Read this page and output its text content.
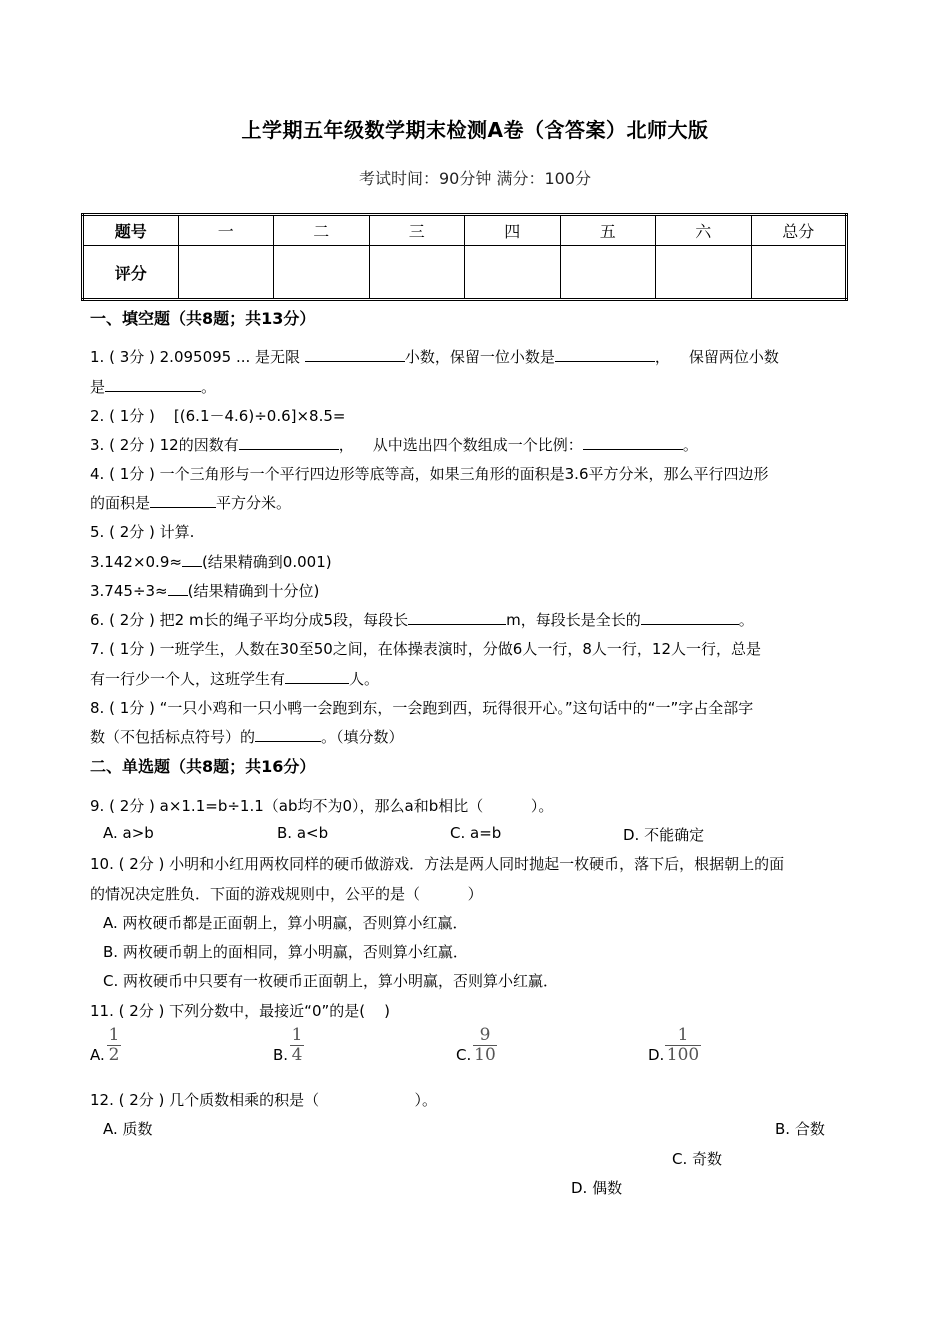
上学期五年级数学期末检测A卷（含答案）北师大版
考试时间：90分钟 满分：100分
题号	一	二	三	四	五	六	总分
评分							
一、填空题（共8题；共13分）
1. ( 3分 ) 2.095095 ... 是无限	小数，保留一位小数是	，    保留两位小数
是	。
2. ( 1分 )    [(6.1－4.6)÷0.6]×8.5=
3. ( 2分 ) 12的因数有	，    从中选出四个数组成一个比例：	。
4. ( 1分 ) 一个三角形与一个平行四边形等底等高，如果三角形的面积是3.6平方分米，那么平行四边形
的面积是	平方分米。
5. ( 2分 ) 计算.
3.142×0.9≈ (结果精确到0.001)
3.745÷3≈ (结果精确到十分位)
6. ( 2分 ) 把2 m长的绳子平均分成5段，每段长	m，每段长是全长的	。
7. ( 1分 ) 一班学生，人数在30至50之间，在体操表演时，分做6人一行，8人一行，12人一行，总是
有一行少一个人，这班学生有	人。
8. ( 1分 ) “一只小鸡和一只小鸭一会跑到东，一会跑到西，玩得很开心。”这句话中的“一”字占全部字
数（不包括标点符号）的	。（填分数）
二、单选题（共8题；共16分）
9. ( 2分 ) a×1.1=b÷1.1（ab均不为0），那么a和b相比（          ）。
A. a>b	B. a<b	C. a=b	D. 不能确定
10. ( 2分 ) 小明和小红用两枚同样的硬币做游戏．方法是两人同时抛起一枚硬币，落下后，根据朝上的面
的情况决定胜负．下面的游戏规则中，公平的是（          ）
A. 两枚硬币都是正面朝上，算小明赢，否则算小红赢．
B. 两枚硬币朝上的面相同，算小明赢，否则算小红赢．
C. 两枚硬币中只要有一枚硬币正面朝上，算小明赢，否则算小红赢．
11. ( 2分 ) 下列分数中，最接近“0”的是(    )
A.
1
2	B.
1
4	C.
9
10	D.
1
100
12. ( 2分 ) 几个质数相乘的积是（                    ）。
A. 质数	B. 合数
C. 奇数
D. 偶数
